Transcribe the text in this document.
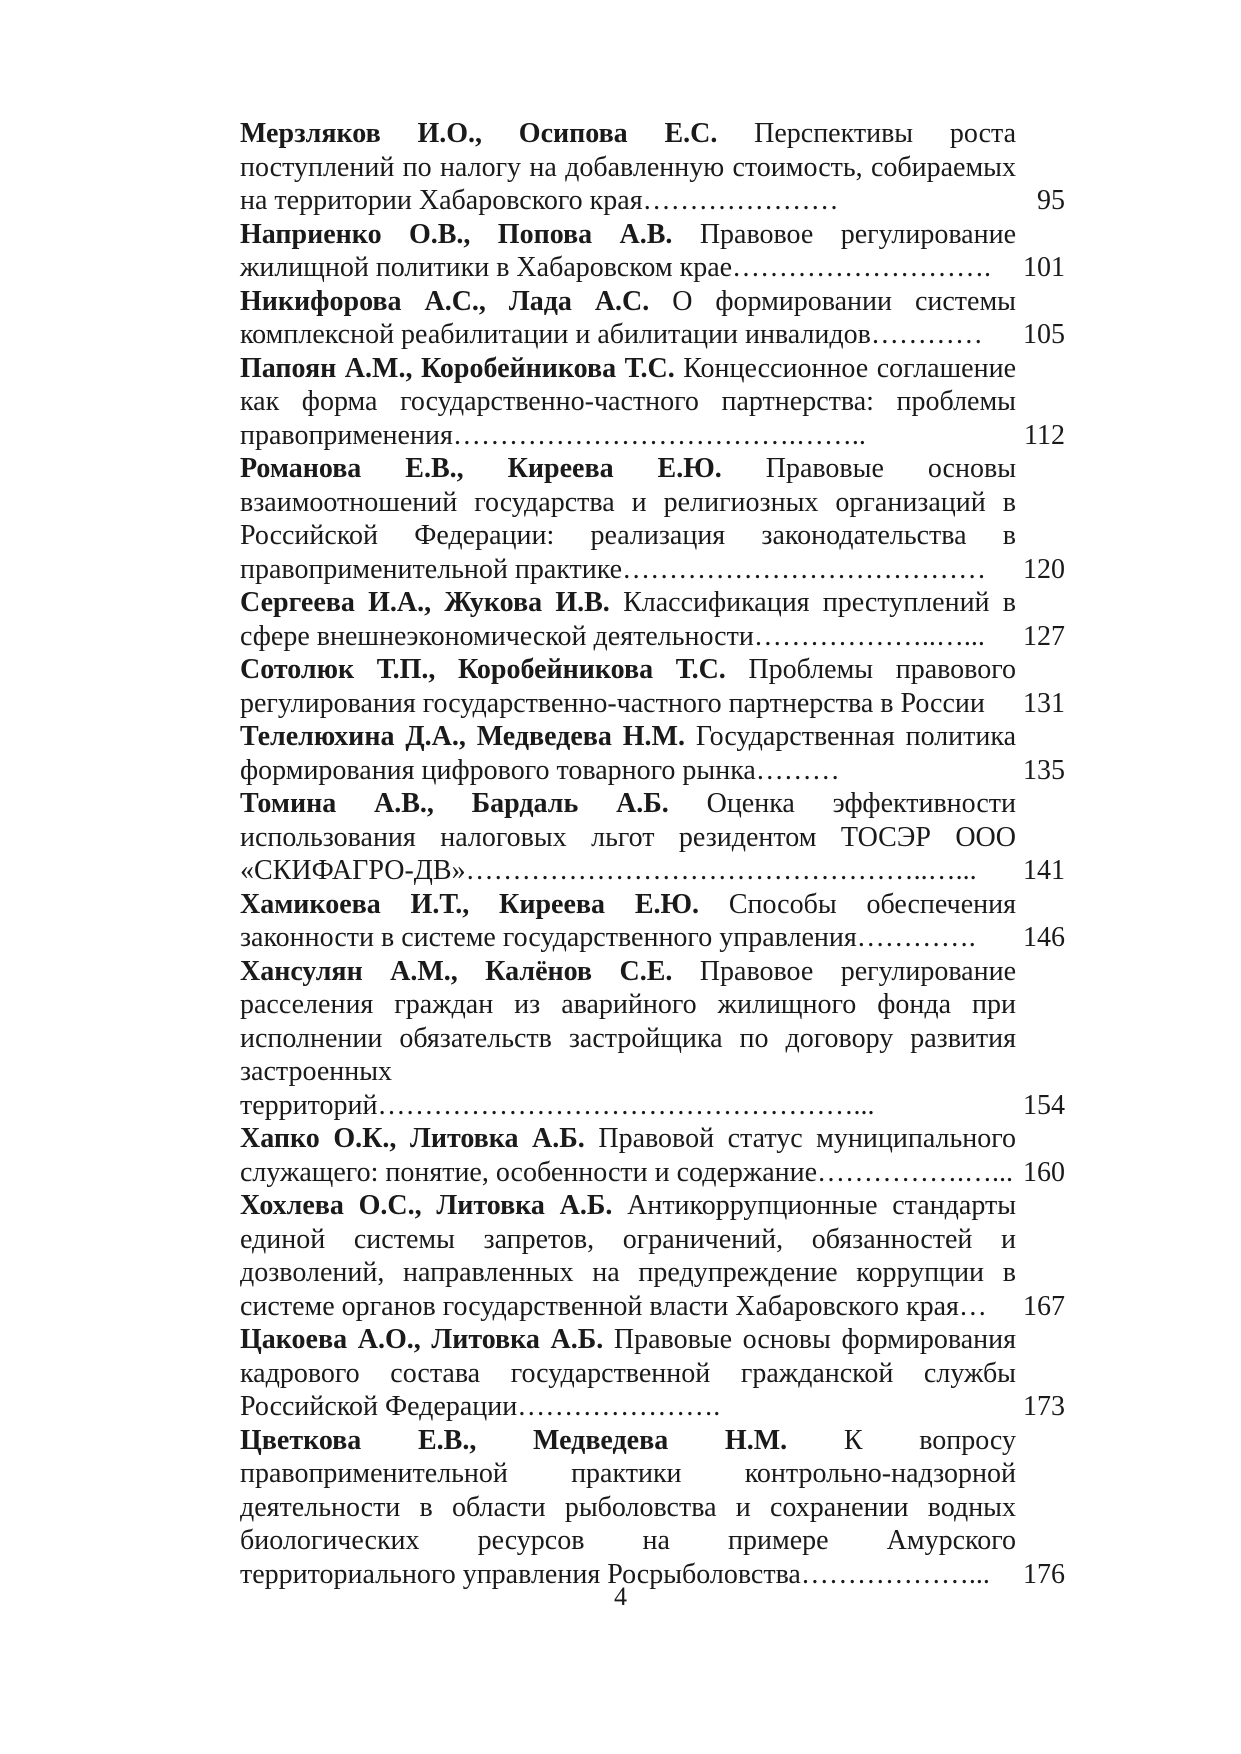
Мерзляков И.О., Осипова Е.С. Перспективы роста поступлений по налогу на добавленную стоимость, собираемых на территории Хабаровского края…………………	95
Наприенко О.В., Попова А.В. Правовое регулирование жилищной политики в Хабаровском крае……………………….	101
Никифорова А.С., Лада А.С. О формировании системы комплексной реабилитации и абилитации инвалидов…………	105
Папоян А.М., Коробейникова Т.С. Концессионное соглашение как форма государственно-частного партнерства: проблемы правоприменения……………………………….……..	112
Романова Е.В., Киреева Е.Ю. Правовые основы взаимоотношений государства и религиозных организаций в Российской Федерации: реализация законодательства в правоприменительной практике…………………………………	120
Сергеева И.А., Жукова И.В. Классификация преступлений в сфере внешнеэкономической деятельности………………..…...	127
Сотолюк Т.П., Коробейникова Т.С. Проблемы правового регулирования государственно-частного партнерства в России	131
Телелюхина Д.А., Медведева Н.М. Государственная политика формирования цифрового товарного рынка………	135
Томина А.В., Бардаль А.Б. Оценка эффективности использования налоговых льгот резидентом ТОСЭР ООО «СКИФАГРО-ДВ»…………………………………………..…...	141
Хамикоева И.Т., Киреева Е.Ю. Способы обеспечения законности в системе государственного управления………….	146
Хансулян А.М., Калёнов С.Е. Правовое регулирование расселения граждан из аварийного жилищного фонда при исполнении обязательств застройщика по договору развития застроенных территорий……………………………………………...	154
Хапко О.К., Литовка А.Б. Правовой статус муниципального служащего: понятие, особенности и содержание…………….…... 160
Хохлева О.С., Литовка А.Б. Антикоррупционные стандарты единой системы запретов, ограничений, обязанностей и дозволений, направленных на предупреждение коррупции в системе органов государственной власти Хабаровского края…	167
Цакоева А.О., Литовка А.Б. Правовые основы формирования кадрового состава государственной гражданской службы Российской Федерации………………….	173
Цветкова Е.В., Медведева Н.М. К вопросу правоприменительной практики контрольно-надзорной деятельности в области рыболовства и сохранении водных биологических ресурсов на примере Амурского территориального управления Росрыболовства………………...	176
4
